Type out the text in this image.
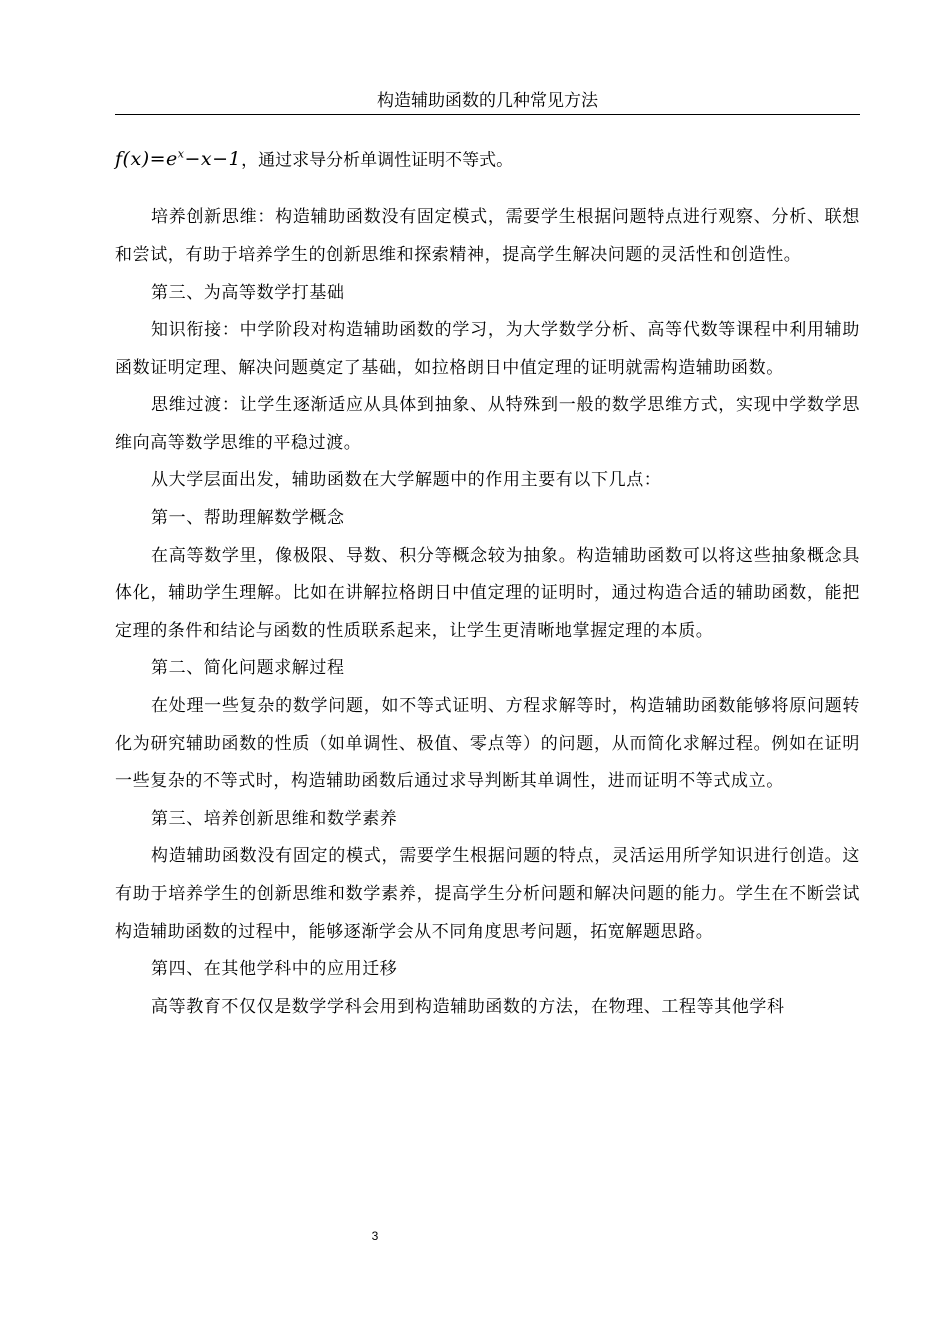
构造辅助函数的几种常见方法
$f(x)=e^x-x-1$，通过求导分析单调性证明不等式。

培养创新思维：构造辅助函数没有固定模式，需要学生根据问题特点进行观察、分析、联想和尝试，有助于培养学生的创新思维和探索精神，提高学生解决问题的灵活性和创造性。

第三、为高等数学打基础

知识衔接：中学阶段对构造辅助函数的学习，为大学数学分析、高等代数等课程中利用辅助函数证明定理、解决问题奠定了基础，如拉格朗日中值定理的证明就需构造辅助函数。

思维过渡：让学生逐渐适应从具体到抽象、从特殊到一般的数学思维方式，实现中学数学思维向高等数学思维的平稳过渡。

从大学层面出发，辅助函数在大学解题中的作用主要有以下几点：

第一、帮助理解数学概念

在高等数学里，像极限、导数、积分等概念较为抽象。构造辅助函数可以将这些抽象概念具体化，辅助学生理解。比如在讲解拉格朗日中值定理的证明时，通过构造合适的辅助函数，能把定理的条件和结论与函数的性质联系起来，让学生更清晰地掌握定理的本质。

第二、简化问题求解过程

在处理一些复杂的数学问题，如不等式证明、方程求解等时，构造辅助函数能够将原问题转化为研究辅助函数的性质（如单调性、极值、零点等）的问题，从而简化求解过程。例如在证明一些复杂的不等式时，构造辅助函数后通过求导判断其单调性，进而证明不等式成立。

第三、培养创新思维和数学素养

构造辅助函数没有固定的模式，需要学生根据问题的特点，灵活运用所学知识进行创造。这有助于培养学生的创新思维和数学素养，提高学生分析问题和解决问题的能力。学生在不断尝试构造辅助函数的过程中，能够逐渐学会从不同角度思考问题，拓宽解题思路。

第四、在其他学科中的应用迁移

高等教育不仅仅是数学学科会用到构造辅助函数的方法，在物理、工程等其他学科

3
